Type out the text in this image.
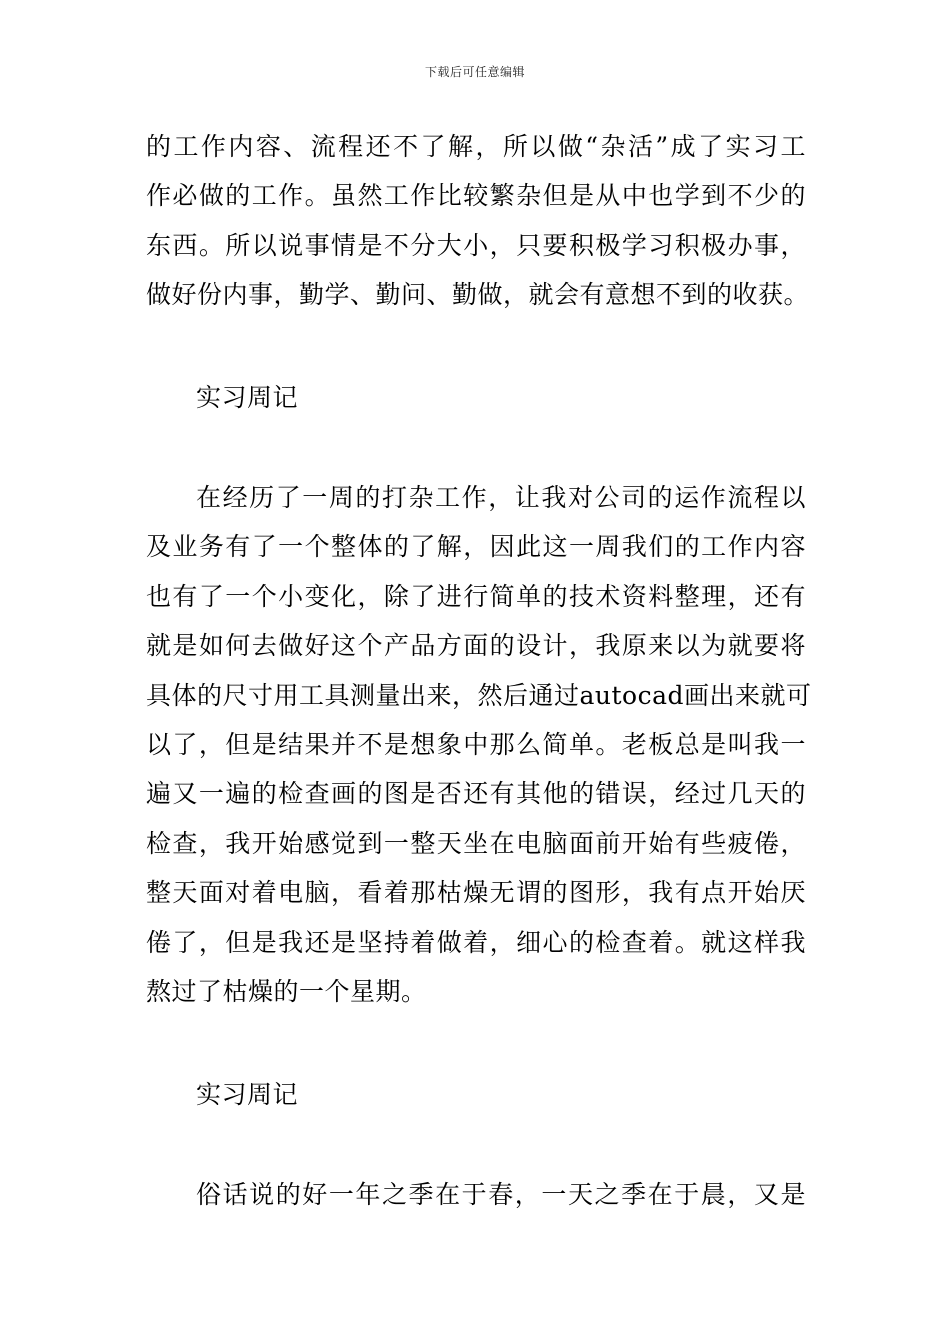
下载后可任意编辑
的工作内容、流程还不了解，所以做“杂活”成了实习工
作必做的工作。虽然工作比较繁杂但是从中也学到不少的
东西。所以说事情是不分大小，只要积极学习积极办事，
做好份内事，勤学、勤问、勤做，就会有意想不到的收获。
实习周记
在经历了一周的打杂工作，让我对公司的运作流程以
及业务有了一个整体的了解，因此这一周我们的工作内容
也有了一个小变化，除了进行简单的技术资料整理，还有
就是如何去做好这个产品方面的设计，我原来以为就要将
具体的尺寸用工具测量出来，然后通过autocad画出来就可
以了，但是结果并不是想象中那么简单。老板总是叫我一
遍又一遍的检查画的图是否还有其他的错误，经过几天的
检查，我开始感觉到一整天坐在电脑面前开始有些疲倦，
整天面对着电脑，看着那枯燥无谓的图形，我有点开始厌
倦了，但是我还是坚持着做着，细心的检查着。就这样我
熬过了枯燥的一个星期。
实习周记
俗话说的好一年之季在于春，一天之季在于晨，又是
